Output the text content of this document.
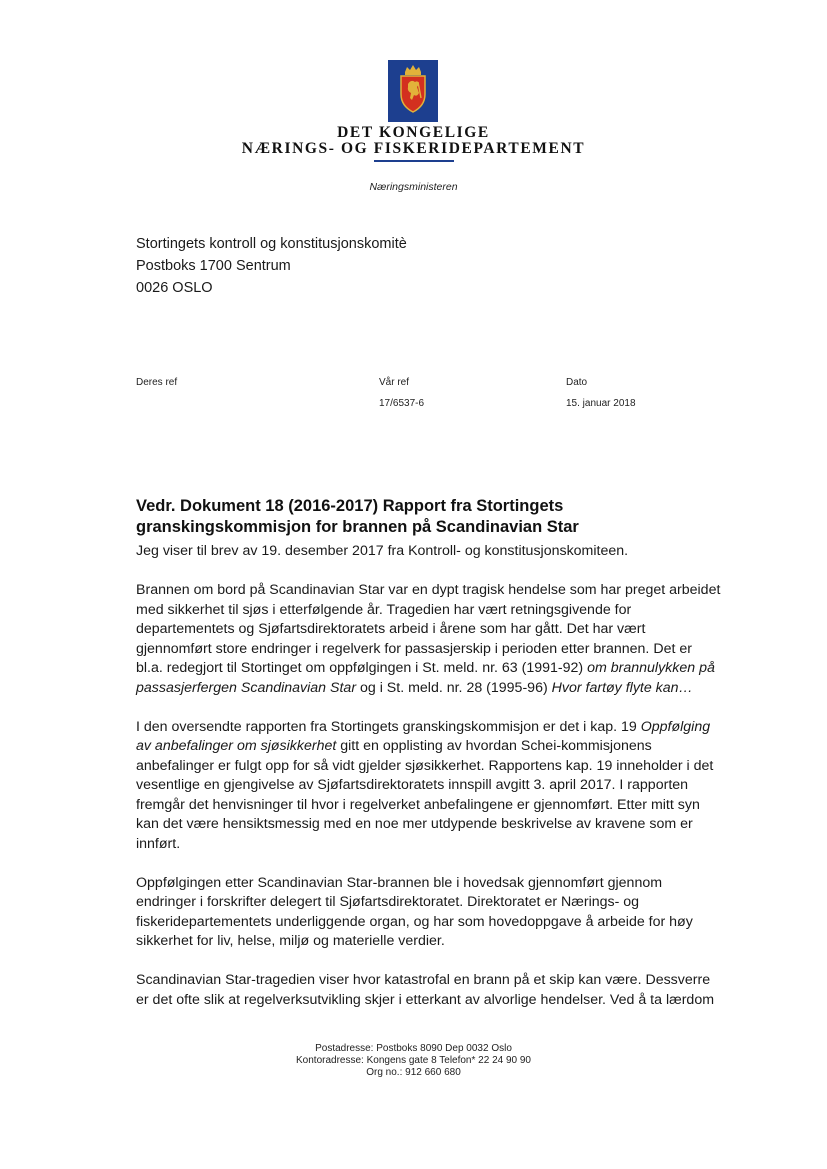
DET KONGELIGE
NÆRINGS- OG FISKERIDEPARTEMENT
Næringsministeren
Stortingets kontroll og konstitusjonskomitè
Postboks 1700 Sentrum
0026 OSLO
Deres ref	Vår ref
17/6537-6
Dato
15. januar 2018
Vedr. Dokument 18 (2016-2017) Rapport fra Stortingets
granskingskommisjon for brannen på Scandinavian Star

Jeg viser til brev av 19. desember 2017 fra Kontroll- og konstitusjonskomiteen.

Brannen om bord på Scandinavian Star var en dypt tragisk hendelse som har preget arbeidet
med sikkerhet til sjøs i etterfølgende år. Tragedien har vært retningsgivende for
departementets og Sjøfartsdirektoratets arbeid i årene som har gått. Det har vært
gjennomført store endringer i regelverk for passasjerskip i perioden etter brannen. Det er
bl.a. redegjort til Stortinget om oppfølgingen i St. meld. nr. 63 (1991-92) om brannulykken på
passasjerfergen Scandinavian Star og i St. meld. nr. 28 (1995-96) Hvor fartøy flyte kan…

I den oversendte rapporten fra Stortingets granskingskommisjon er det i kap. 19 Oppfølging
av anbefalinger om sjøsikkerhet gitt en opplisting av hvordan Schei-kommisjonens
anbefalinger er fulgt opp for så vidt gjelder sjøsikkerhet. Rapportens kap. 19 inneholder i det
vesentlige en gjengivelse av Sjøfartsdirektoratets innspill avgitt 3. april 2017. I rapporten
fremgår det henvisninger til hvor i regelverket anbefalingene er gjennomført. Etter mitt syn
kan det være hensiktsmessig med en noe mer utdypende beskrivelse av kravene som er
innført.

Oppfølgingen etter Scandinavian Star-brannen ble i hovedsak gjennomført gjennom
endringer i forskrifter delegert til Sjøfartsdirektoratet. Direktoratet er Nærings- og
fiskeridepartementets underliggende organ, og har som hovedoppgave å arbeide for høy
sikkerhet for liv, helse, miljø og materielle verdier.

Scandinavian Star-tragedien viser hvor katastrofal en brann på et skip kan være. Dessverre
er det ofte slik at regelverksutvikling skjer i etterkant av alvorlige hendelser. Ved å ta lærdom

Postadresse: Postboks 8090 Dep 0032 Oslo
Kontoradresse: Kongens gate 8 Telefon* 22 24 90 90
Org no.: 912 660 680
